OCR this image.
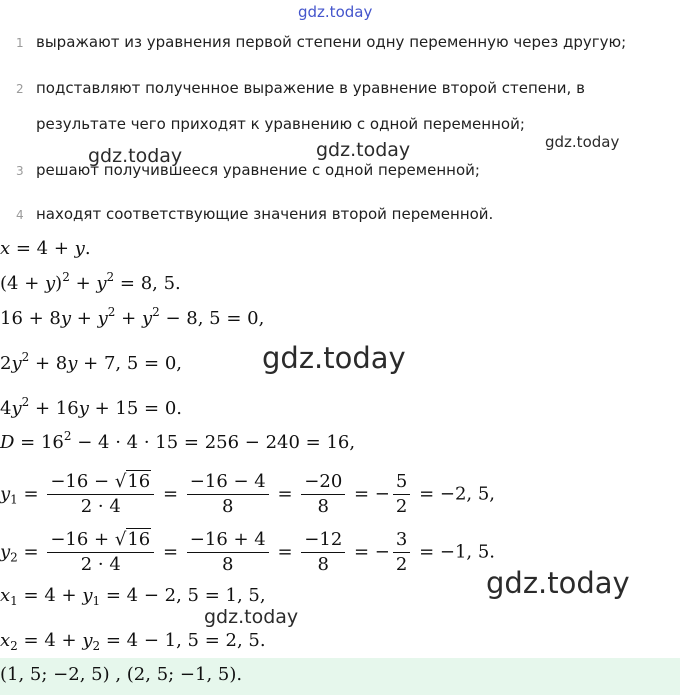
gdz.today
gdz.today	gdz.today	gdz.today
gdz.today
gdz.today
gdz.today
1 выражают из уравнения первой степени одну переменную через другую;
2 подставляют полученное выражение в уравнение второй степени, в результате чего приходят к уравнению с одной переменной;
3 решают получившееся уравнение с одной переменной;
4 находят соответствующие значения второй переменной.
x = 4 + y.
$(4 + y)^2 + y^2 = 8$, 5.
$16 + 8y + y^2 + y^2 - 8$, 5 = 0,
$2y^2 + 8y + 7$, 5 = 0,
$4y^2 + 16y + 15 = 0$.
$D = 16^2 - 4 \cdot 4 \cdot 15 = 256 - 240 = 16$,
$y_1 = \frac{-16 - √16}{2 \cdot 4} = \frac{-16 - 4}{8} = \frac{-20}{8}$ = − $\frac{5}{2} = -2$, 5,
$y_2 = \frac{-16 + √16}{2 \cdot 4} = \frac{-16 + 4}{8} = \frac{-12}{8}$ = − $\frac{3}{2} = -1$, 5.
$x_1 = 4 + y_1 = 4 - 2$, 5 = 1, 5,
$x_2 = 4 + y_2 = 4 - 1$, 5 = 2, 5.
(1, 5; −2, 5) , (2, 5; −1, 5).
